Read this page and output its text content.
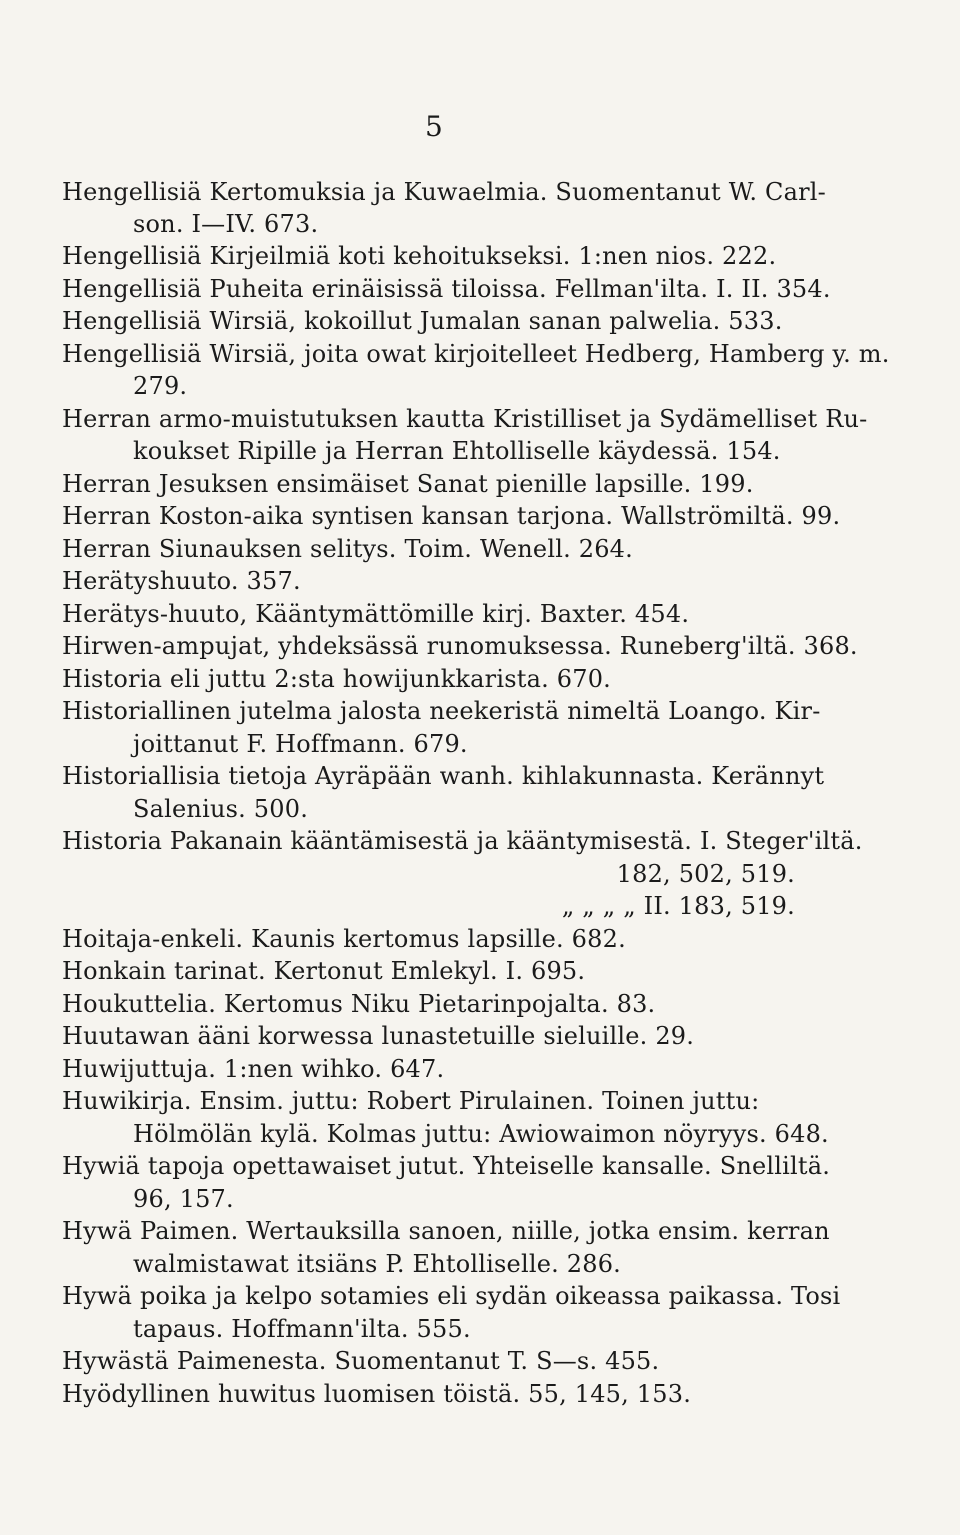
5
Hengellisiä Kertomuksia ja Kuwaelmia. Suomentanut W. Carl-
son. I—IV. 673.
Hengellisiä Kirjeilmiä koti kehoitukseksi. 1:nen nios. 222.
Hengellisiä Puheita erinäisissä tiloissa. Fellman'ilta. I. II. 354.
Hengellisiä Wirsiä, kokoillut Jumalan sanan palwelia. 533.
Hengellisiä Wirsiä, joita owat kirjoitelleet Hedberg, Hamberg y. m.
279.
Herran armo-muistutuksen kautta Kristilliset ja Sydämelliset Ru-
koukset Ripille ja Herran Ehtolliselle käydessä. 154.
Herran Jesuksen ensimäiset Sanat pienille lapsille. 199.
Herran Koston-aika syntisen kansan tarjona. Wallströmiltä. 99.
Herran Siunauksen selitys. Toim. Wenell. 264.
Herätyshuuto. 357.
Herätys-huuto, Kääntymättömille kirj. Baxter. 454.
Hirwen-ampujat, yhdeksässä runomuksessa. Runeberg'iltä. 368.
Historia eli juttu 2:sta howijunkkarista. 670.
Historiallinen jutelma jalosta neekeristä nimeltä Loango. Kir-
joittanut F. Hoffmann. 679.
Historiallisia tietoja Ayräpään wanh. kihlakunnasta. Kerännyt
Salenius. 500.
Historia Pakanain kääntämisestä ja kääntymisestä. I. Steger'iltä.
182, 502, 519.
„ „ „ „ II. 183, 519.
Hoitaja-enkeli. Kaunis kertomus lapsille. 682.
Honkain tarinat. Kertonut Emlekyl. I. 695.
Houkuttelia. Kertomus Niku Pietarinpojalta. 83.
Huutawan ääni korwessa lunastetuille sieluille. 29.
Huwijuttuja. 1:nen wihko. 647.
Huwikirja. Ensim. juttu: Robert Pirulainen. Toinen juttu:
Hölmölän kylä. Kolmas juttu: Awiowaimon nöyryys. 648.
Hywiä tapoja opettawaiset jutut. Yhteiselle kansalle. Snelliltä.
96, 157.
Hywä Paimen. Wertauksilla sanoen, niille, jotka ensim. kerran
walmistawat itsiäns P. Ehtolliselle. 286.
Hywä poika ja kelpo sotamies eli sydän oikeassa paikassa. Tosi
tapaus. Hoffmann'ilta. 555.
Hywästä Paimenesta. Suomentanut T. S—s. 455.
Hyödyllinen huwitus luomisen töistä. 55, 145, 153.
